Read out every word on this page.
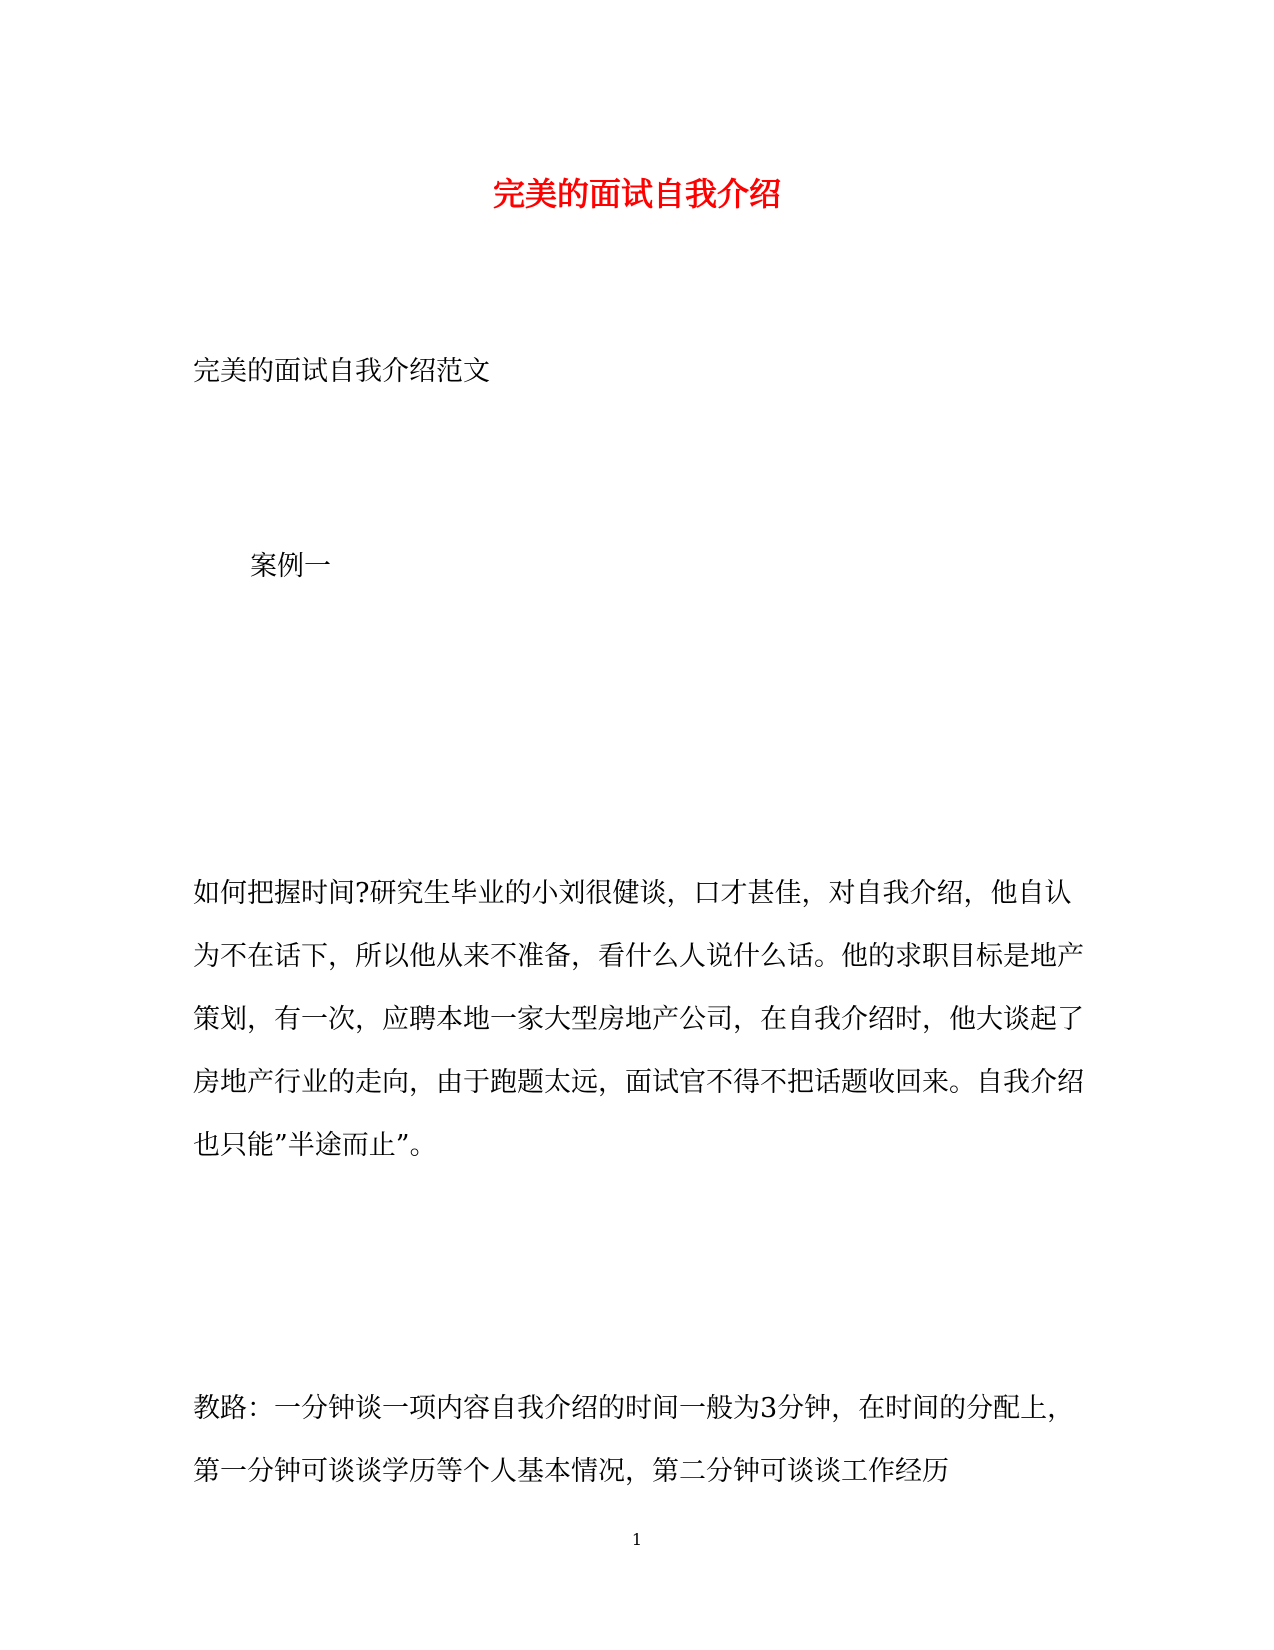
完美的面试自我介绍

完美的面试自我介绍范文

案例一

如何把握时间?研究生毕业的小刘很健谈，口才甚佳，对自我介绍，他自认为不在话下，所以他从来不准备，看什么人说什么话。他的求职目标是地产策划，有一次，应聘本地一家大型房地产公司，在自我介绍时，他大谈起了房地产行业的走向，由于跑题太远，面试官不得不把话题收回来。自我介绍也只能”半途而止”。

教路：一分钟谈一项内容自我介绍的时间一般为3分钟，在时间的分配上，第一分钟可谈谈学历等个人基本情况，第二分钟可谈谈工作经历

1
